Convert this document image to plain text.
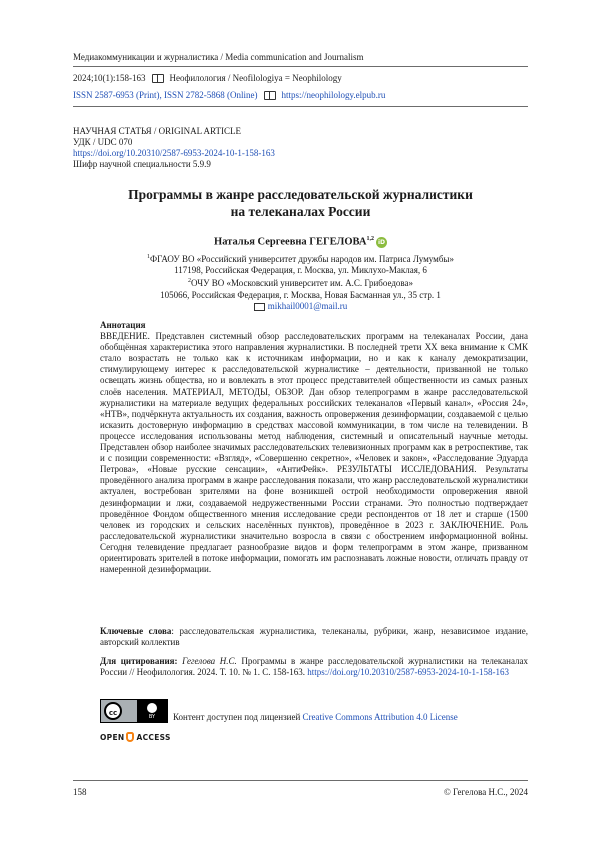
Медиакоммуникации и журналистика / Media communication and Journalism
2024;10(1):158-163	Неофилология / Neofilologiya = Neophilology
ISSN 2587-6953 (Print), ISSN 2782-5868 (Online)	https://neophilology.elpub.ru
НАУЧНАЯ СТАТЬЯ / ORIGINAL ARTICLE
УДК / UDC 070
https://doi.org/10.20310/2587-6953-2024-10-1-158-163
Шифр научной специальности 5.9.9
Программы в жанре расследовательской журналистики
на телеканалах России
Наталья Сергеевна ГЕГЕЛОВА$^{1,2}$ iD
$^1$ФГАОУ ВО «Российский университет дружбы народов им. Патриса Лумумбы»
117198, Российская Федерация, г. Москва, ул. Миклухо-Маклая, 6
$^2$ОЧУ ВО «Московский университет им. А.С. Грибоедова»
105066, Российская Федерация, г. Москва, Новая Басманная ул., 35 стр. 1
mikhail0001@mail.ru
Аннотация
ВВЕДЕНИЕ. Представлен системный обзор расследовательских программ на телеканалах России, дана обобщённая характеристика этого направления журналистики. В последней трети XX века внимание к СМК стало возрастать не только как к источникам информации, но и как к каналу демократизации, стимулирующему интерес к расследовательской журналистике – деятельности, призванной не только освещать жизнь общества, но и вовлекать в этот процесс представителей общественности из самых разных слоёв населения. МАТЕРИАЛ, МЕТОДЫ, ОБЗОР. Дан обзор телепрограмм в жанре расследовательской журналистики на материале ведущих федеральных российских телеканалов «Первый канал», «Россия 24», «НТВ», подчёркнута актуальность их создания, важность опровержения дезинформации, создаваемой с целью исказить достоверную информацию в средствах массовой коммуникации, в том числе на телевидении. В процессе исследования использованы метод наблюдения, системный и описательный научные методы. Представлен обзор наиболее значимых расследовательских телевизионных программ как в ретроспективе, так и с позиции современности: «Взгляд», «Совершенно секретно», «Человек и закон», «Расследование Эдуарда Петрова», «Новые русские сенсации», «АнтиФейк». РЕЗУЛЬТАТЫ ИССЛЕДОВАНИЯ. Результаты проведённого анализа программ в жанре расследования показали, что жанр расследовательской журналистики актуален, востребован зрителями на фоне возникшей острой необходимости опровержения явной дезинформации и лжи, создаваемой недружественными России странами. Это полностью подтверждает проведённое Фондом общественного мнения исследование среди респондентов от 18 лет и старше (1500 человек из городских и сельских населённых пунктов), проведённое в 2023 г. ЗАКЛЮЧЕНИЕ. Роль расследовательской журналистики значительно возросла в связи с обострением информационной войны. Сегодня телевидение предлагает разнообразие видов и форм телепрограмм в этом жанре, призванном ориентировать зрителей в потоке информации, помогать им распознавать ложные новости, отличать правду от намеренной дезинформации.
Ключевые слова: расследовательская журналистика, телеканалы, рубрики, жанр, независимое издание, авторский коллектив
Для цитирования: Гегелова Н.С. Программы в жанре расследовательской журналистики на телеканалах России // Неофилология. 2024. Т. 10. № 1. С. 158-163. https://doi.org/10.20310/2587-6953-2024-10-1-158-163
cc	BY Контент доступен под лицензией Creative Commons Attribution 4.0 License
OPEN ACCESS
158	© Гегелова Н.С., 2024
